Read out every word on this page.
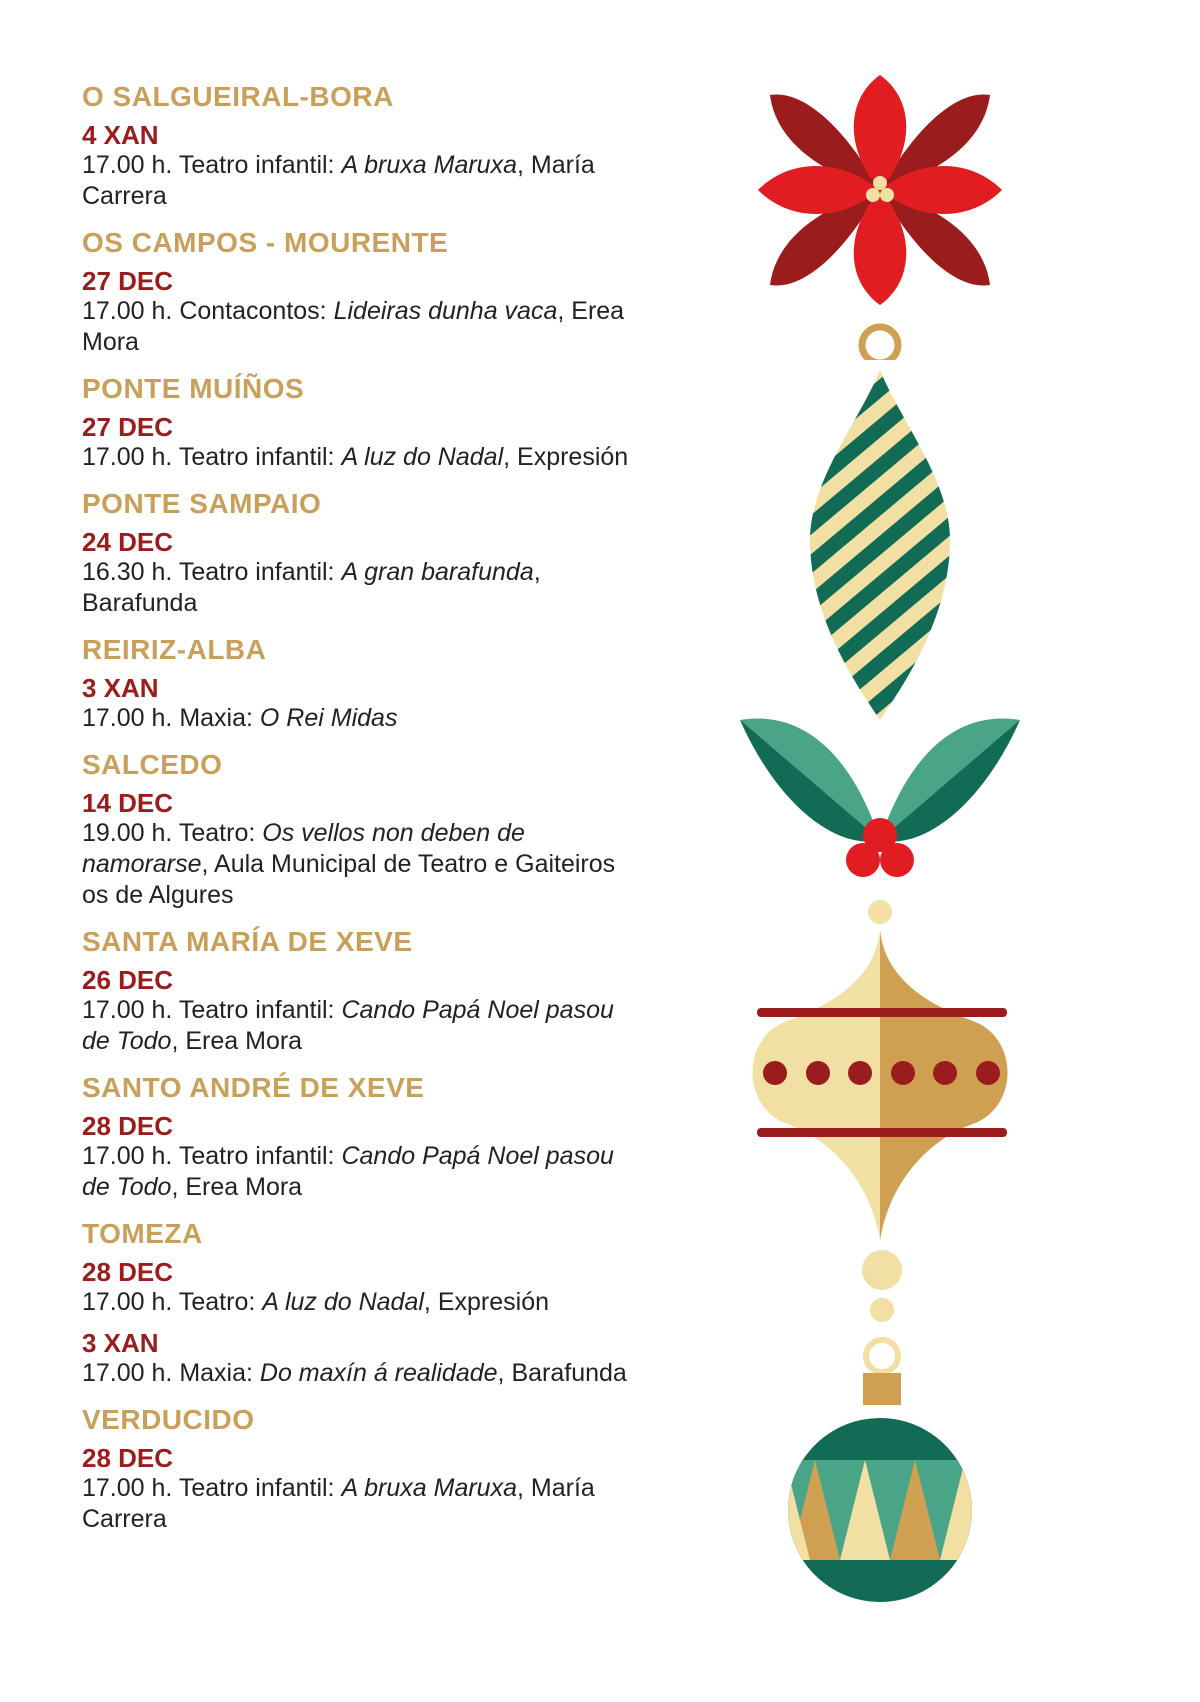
O SALGUEIRAL-BORA
4 XAN
17.00 h. Teatro infantil: A bruxa Maruxa, María Carrera
OS CAMPOS - MOURENTE
27 DEC
17.00 h. Contacontos: Lideiras dunha vaca, Erea Mora
PONTE MUÍÑOS
27 DEC
17.00 h. Teatro infantil: A luz do Nadal, Expresión
PONTE SAMPAIO
24 DEC
16.30 h. Teatro infantil: A gran barafunda, Barafunda
REIRIZ-ALBA
3 XAN
17.00 h. Maxia: O Rei Midas
SALCEDO
14 DEC
19.00 h. Teatro: Os vellos non deben de namorarse, Aula Municipal de Teatro e Gaiteiros os de Algures
SANTA MARÍA DE XEVE
26 DEC
17.00 h. Teatro infantil: Cando Papá Noel pasou de Todo, Erea Mora
SANTO ANDRÉ DE XEVE
28 DEC
17.00 h. Teatro infantil: Cando Papá Noel pasou de Todo, Erea Mora
TOMEZA
28 DEC
17.00 h. Teatro: A luz do Nadal, Expresión
3 XAN
17.00 h. Maxia: Do maxín á realidade, Barafunda
VERDUCIDO
28 DEC
17.00 h. Teatro infantil: A bruxa Maruxa, María Carrera
